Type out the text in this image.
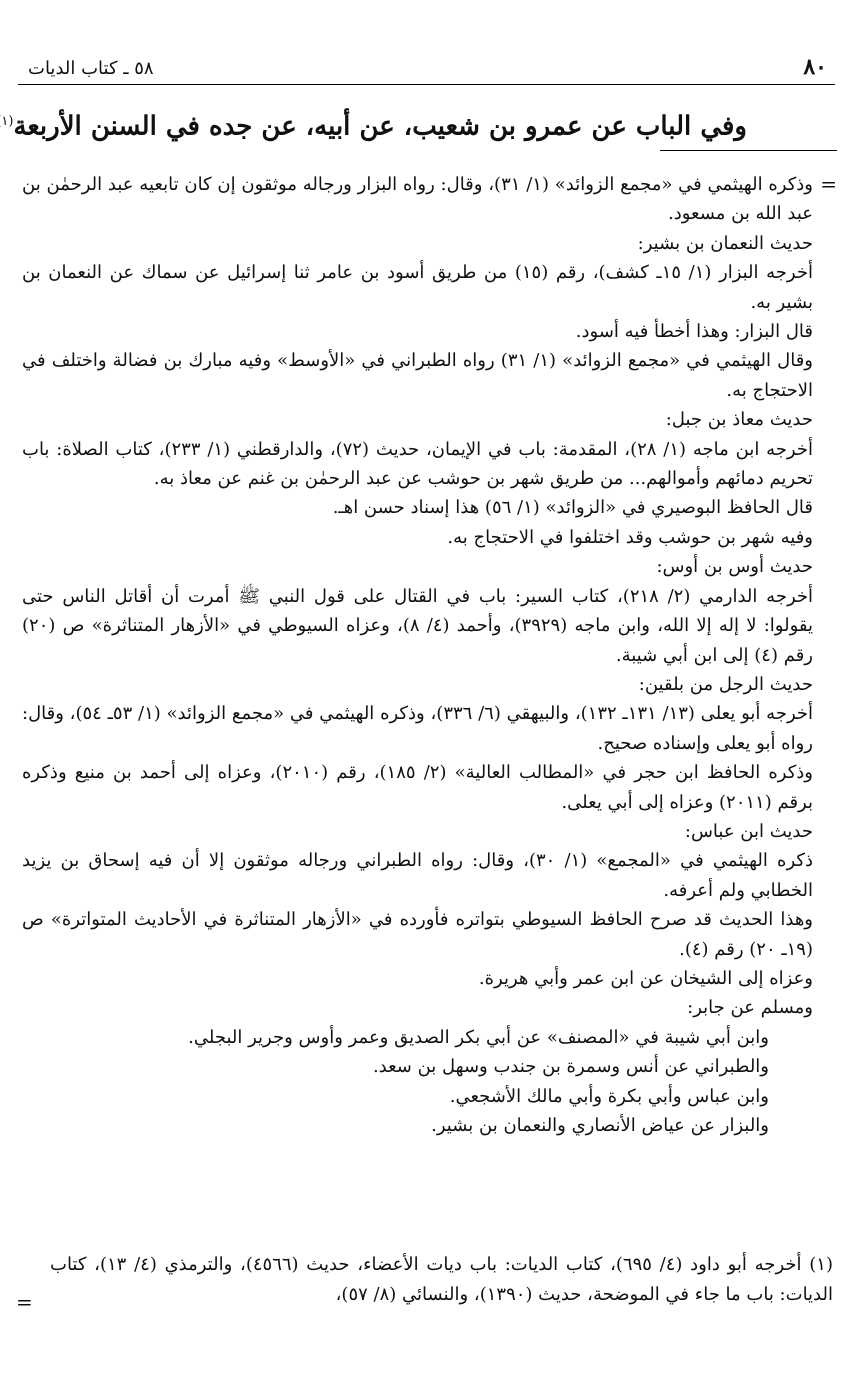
٨٠
٥٨ ـ كتاب الديات
وفي الباب عن عمرو بن شعيب، عن أبيه، عن جده في السنن الأربعة$^{(١}$
=

وذكره الهيثمي في «مجمع الزوائد» (١/ ٣١)، وقال: رواه البزار ورجاله موثقون إن كان تابعيه عبد الرحمٰن بن عبد الله بن مسعود.

حديث النعمان بن بشير:

أخرجه البزار (١/ ١٥ـ كشف)، رقم (١٥) من طريق أسود بن عامر ثنا إسرائيل عن سماك عن النعمان بن بشير به.

قال البزار: وهذا أخطأ فيه أسود.

وقال الهيثمي في «مجمع الزوائد» (١/ ٣١) رواه الطبراني في «الأوسط» وفيه مبارك بن فضالة واختلف في الاحتجاج به.

حديث معاذ بن جبل:

أخرجه ابن ماجه (١/ ٢٨)، المقدمة: باب في الإيمان، حديث (٧٢)، والدارقطني (١/ ٢٣٣)، كتاب الصلاة: باب تحريم دمائهم وأموالهم... من طريق شهر بن حوشب عن عبد الرحمٰن بن غنم عن معاذ به.

قال الحافظ البوصيري في «الزوائد» (١/ ٥٦) هذا إسناد حسن اهـ.

وفيه شهر بن حوشب وقد اختلفوا في الاحتجاج به.

حديث أوس بن أوس:

أخرجه الدارمي (٢/ ٢١٨)، كتاب السير: باب في القتال على قول النبي ﷺ أمرت أن أقاتل الناس حتى يقولوا: لا إله إلا الله، وابن ماجه (٣٩٢٩)، وأحمد (٤/ ٨)، وعزاه السيوطي في «الأزهار المتناثرة» ص (٢٠) رقم (٤) إلى ابن أبي شيبة.

حديث الرجل من بلقين:

أخرجه أبو يعلى (١٣/ ١٣١ـ ١٣٢)، والبيهقي (٦/ ٣٣٦)، وذكره الهيثمي في «مجمع الزوائد» (١/ ٥٣ـ ٥٤)، وقال: رواه أبو يعلى وإسناده صحيح.

وذكره الحافظ ابن حجر في «المطالب العالية» (٢/ ١٨٥)، رقم (٢٠١٠)، وعزاه إلى أحمد بن منيع وذكره برقم (٢٠١١) وعزاه إلى أبي يعلى.

حديث ابن عباس:

ذكره الهيثمي في «المجمع» (١/ ٣٠)، وقال: رواه الطبراني ورجاله موثقون إلا أن فيه إسحاق بن يزيد الخطابي ولم أعرفه.

وهذا الحديث قد صرح الحافظ السيوطي بتواتره فأورده في «الأزهار المتناثرة في الأحاديث المتواترة» ص (١٩ـ ٢٠) رقم (٤).

وعزاه إلى الشيخان عن ابن عمر وأبي هريرة.

ومسلم عن جابر:

وابن أبي شيبة في «المصنف» عن أبي بكر الصديق وعمر وأوس وجرير البجلي.

والطبراني عن أنس وسمرة بن جندب وسهل بن سعد.

وابن عباس وأبي بكرة وأبي مالك الأشجعي.

والبزار عن عياض الأنصاري والنعمان بن بشير.

(١) أخرجه أبو داود (٤/ ٦٩٥)، كتاب الديات: باب ديات الأعضاء، حديث (٤٥٦٦)، والترمذي (٤/ ١٣)، كتاب الديات: باب ما جاء في الموضحة، حديث (١٣٩٠)، والنسائي (٨/ ٥٧)،

=
